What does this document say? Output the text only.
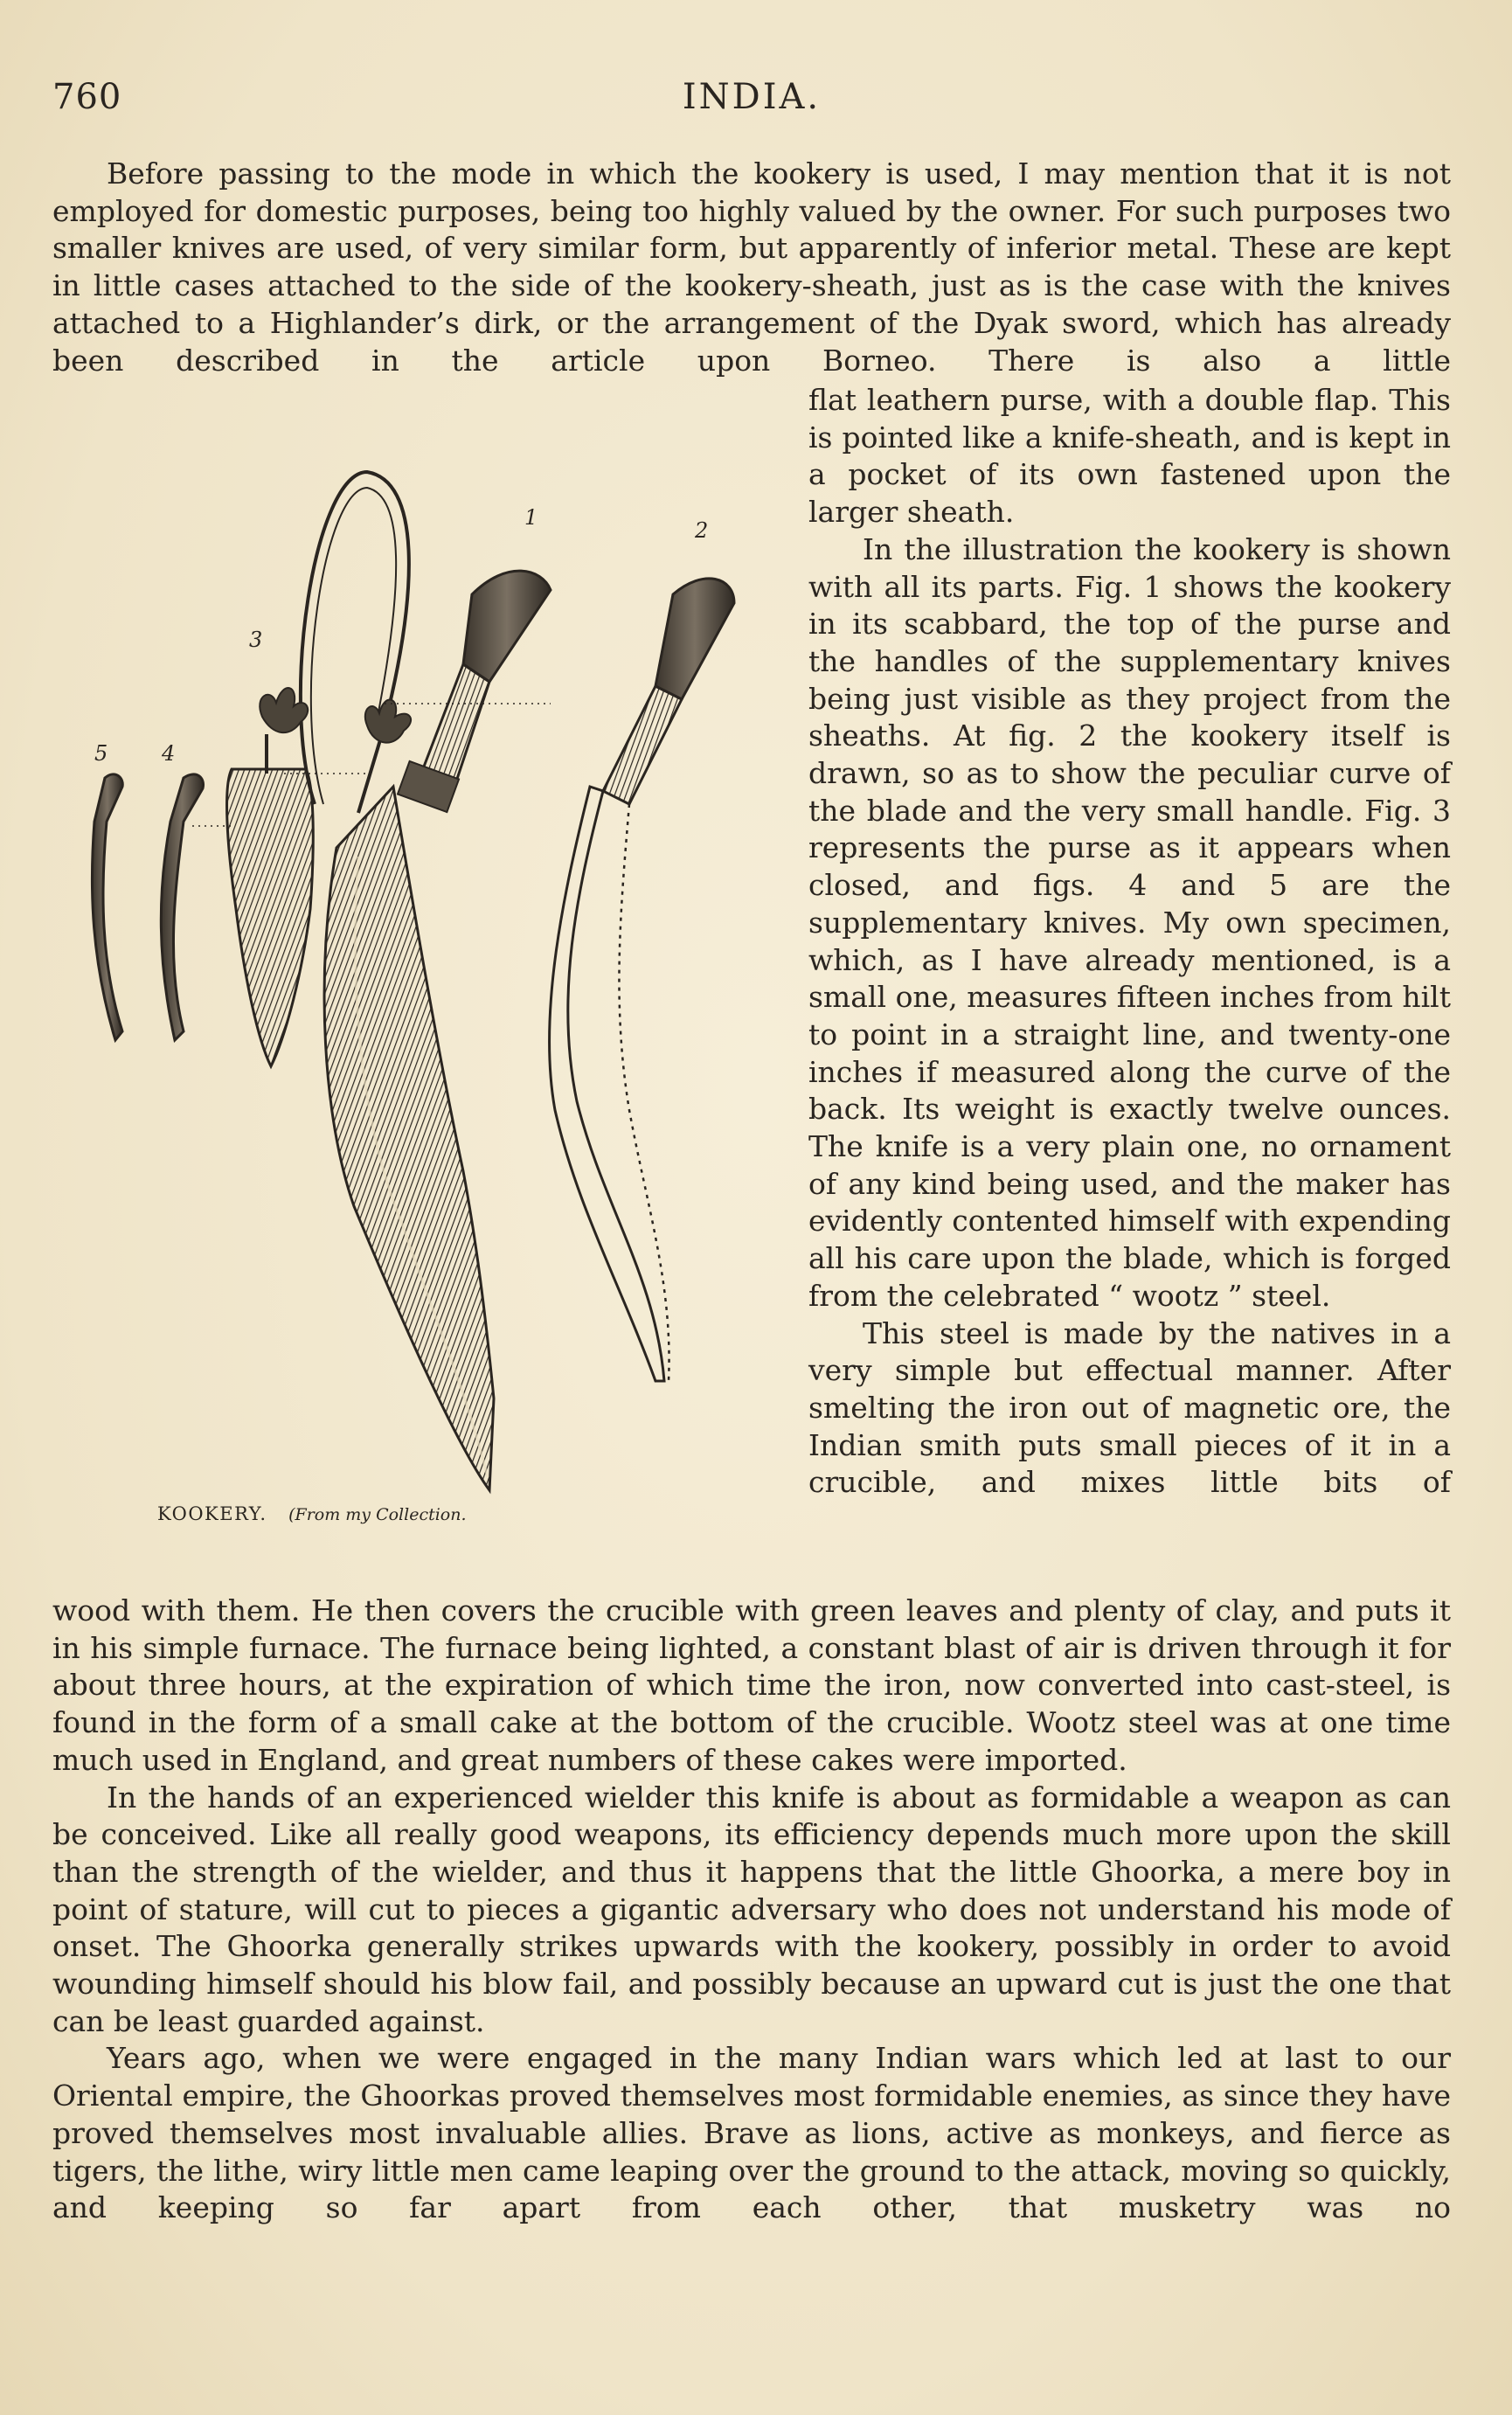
760	INDIA.

Before passing to the mode in which the kookery is used, I may mention that it is not employed for domestic purposes, being too highly valued by the owner. For such purposes two smaller knives are used, of very similar form, but apparently of inferior metal. These are kept in little cases attached to the side of the kookery-sheath, just as is the case with the knives attached to a Highlander’s dirk, or the arrangement of the Dyak sword, which has already been described in the article upon Borneo. There is also a little

flat leathern purse, with a double flap. This is pointed like a knife-sheath, and is kept in a pocket of its own fastened upon the larger sheath.

In the illustration the kookery is shown with all its parts. Fig. 1 shows the kookery in its scabbard, the top of the purse and the handles of the supplementary knives being just visible as they project from the sheaths. At fig. 2 the kookery itself is drawn, so as to show the peculiar curve of the blade and the very small handle. Fig. 3 represents the purse as it appears when closed, and figs. 4 and 5 are the supplementary knives. My own specimen, which, as I have already mentioned, is a small one, measures fifteen inches from hilt to point in a straight line, and twenty-one inches if measured along the curve of the back. Its weight is exactly twelve ounces. The knife is a very plain one, no ornament of any kind being used, and the maker has evidently contented himself with expending all his care upon the blade, which is forged from the celebrated “ wootz ” steel.

This steel is made by the natives in a very simple but effectual manner. After smelting the iron out of magnetic ore, the Indian smith puts small pieces of it in a crucible, and mixes little bits of

1
2
3
4
5
KOOKERY. (From my Collection.

wood with them. He then covers the crucible with green leaves and plenty of clay, and puts it in his simple furnace. The furnace being lighted, a constant blast of air is driven through it for about three hours, at the expiration of which time the iron, now converted into cast-steel, is found in the form of a small cake at the bottom of the crucible. Wootz steel was at one time much used in England, and great numbers of these cakes were imported.

In the hands of an experienced wielder this knife is about as formidable a weapon as can be conceived. Like all really good weapons, its efficiency depends much more upon the skill than the strength of the wielder, and thus it happens that the little Ghoorka, a mere boy in point of stature, will cut to pieces a gigantic adversary who does not understand his mode of onset. The Ghoorka generally strikes upwards with the kookery, possibly in order to avoid wounding himself should his blow fail, and possibly because an upward cut is just the one that can be least guarded against.

Years ago, when we were engaged in the many Indian wars which led at last to our Oriental empire, the Ghoorkas proved themselves most formidable enemies, as since they have proved themselves most invaluable allies. Brave as lions, active as monkeys, and fierce as tigers, the lithe, wiry little men came leaping over the ground to the attack, moving so quickly, and keeping so far apart from each other, that musketry was no
